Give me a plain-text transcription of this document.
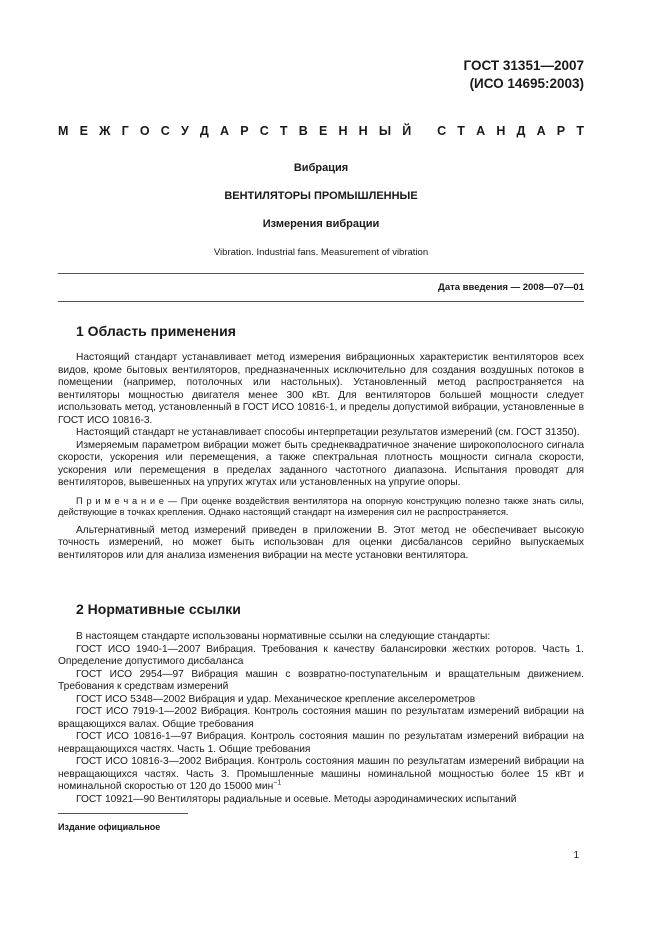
ГОСТ 31351—2007
(ИСО 14695:2003)
М Е Ж Г О С У Д А Р С Т В Е Н Н Ы Й
С Т А Н Д А Р Т
Вибрация
ВЕНТИЛЯТОРЫ ПРОМЫШЛЕННЫЕ
Измерения вибрации
Vibration. Industrial fans. Measurement of vibration
Дата введения — 2008—07—01
1 Область применения

Настоящий стандарт устанавливает метод измерения вибрационных характеристик вентиляторов всех видов, кроме бытовых вентиляторов, предназначенных исключительно для создания воздушных потоков в помещении (например, потолочных или настольных). Установленный метод распространяется на вентиляторы мощностью двигателя менее 300 кВт. Для вентиляторов большей мощности следует использовать метод, установленный в ГОСТ ИСО 10816-1, и пределы допустимой вибрации, установленные в ГОСТ ИСО 10816-3.

Настоящий стандарт не устанавливает способы интерпретации результатов измерений (см. ГОСТ 31350).

Измеряемым параметром вибрации может быть среднеквадратичное значение широкополосного сигнала скорости, ускорения или перемещения, а также спектральная плотность мощности сигнала скорости, ускорения или перемещения в пределах заданного частотного диапазона. Испытания проводят для вентиляторов, вывешенных на упругих жгутах или установленных на упругие опоры.

П р и м е ч а н и е — При оценке воздействия вентилятора на опорную конструкцию полезно также знать силы, действующие в точках крепления. Однако настоящий стандарт на измерения сил не распространяется.

Альтернативный метод измерений приведен в приложении В. Этот метод не обеспечивает высокую точность измерений, но может быть использован для оценки дисбалансов серийно выпускаемых вентиляторов или для анализа изменения вибрации на месте установки вентилятора.

2 Нормативные ссылки

В настоящем стандарте использованы нормативные ссылки на следующие стандарты:

ГОСТ ИСО 1940-1—2007 Вибрация. Требования к качеству балансировки жестких роторов. Часть 1. Определение допустимого дисбаланса

ГОСТ ИСО 2954—97 Вибрация машин с возвратно-поступательным и вращательным движением. Требования к средствам измерений

ГОСТ ИСО 5348—2002 Вибрация и удар. Механическое крепление акселерометров

ГОСТ ИСО 7919-1—2002 Вибрация. Контроль состояния машин по результатам измерений вибрации на вращающихся валах. Общие требования

ГОСТ ИСО 10816-1—97 Вибрация. Контроль состояния машин по результатам измерений вибрации на невращающихся частях. Часть 1. Общие требования

ГОСТ ИСО 10816-3—2002 Вибрация. Контроль состояния машин по результатам измерений вибрации на невращающихся частях. Часть 3. Промышленные машины номинальной мощностью более 15 кВт и номинальной скоростью от 120 до 15000 мин$^{-1}$

ГОСТ 10921—90 Вентиляторы радиальные и осевые. Методы аэродинамических испытаний

Издание официальное
1
